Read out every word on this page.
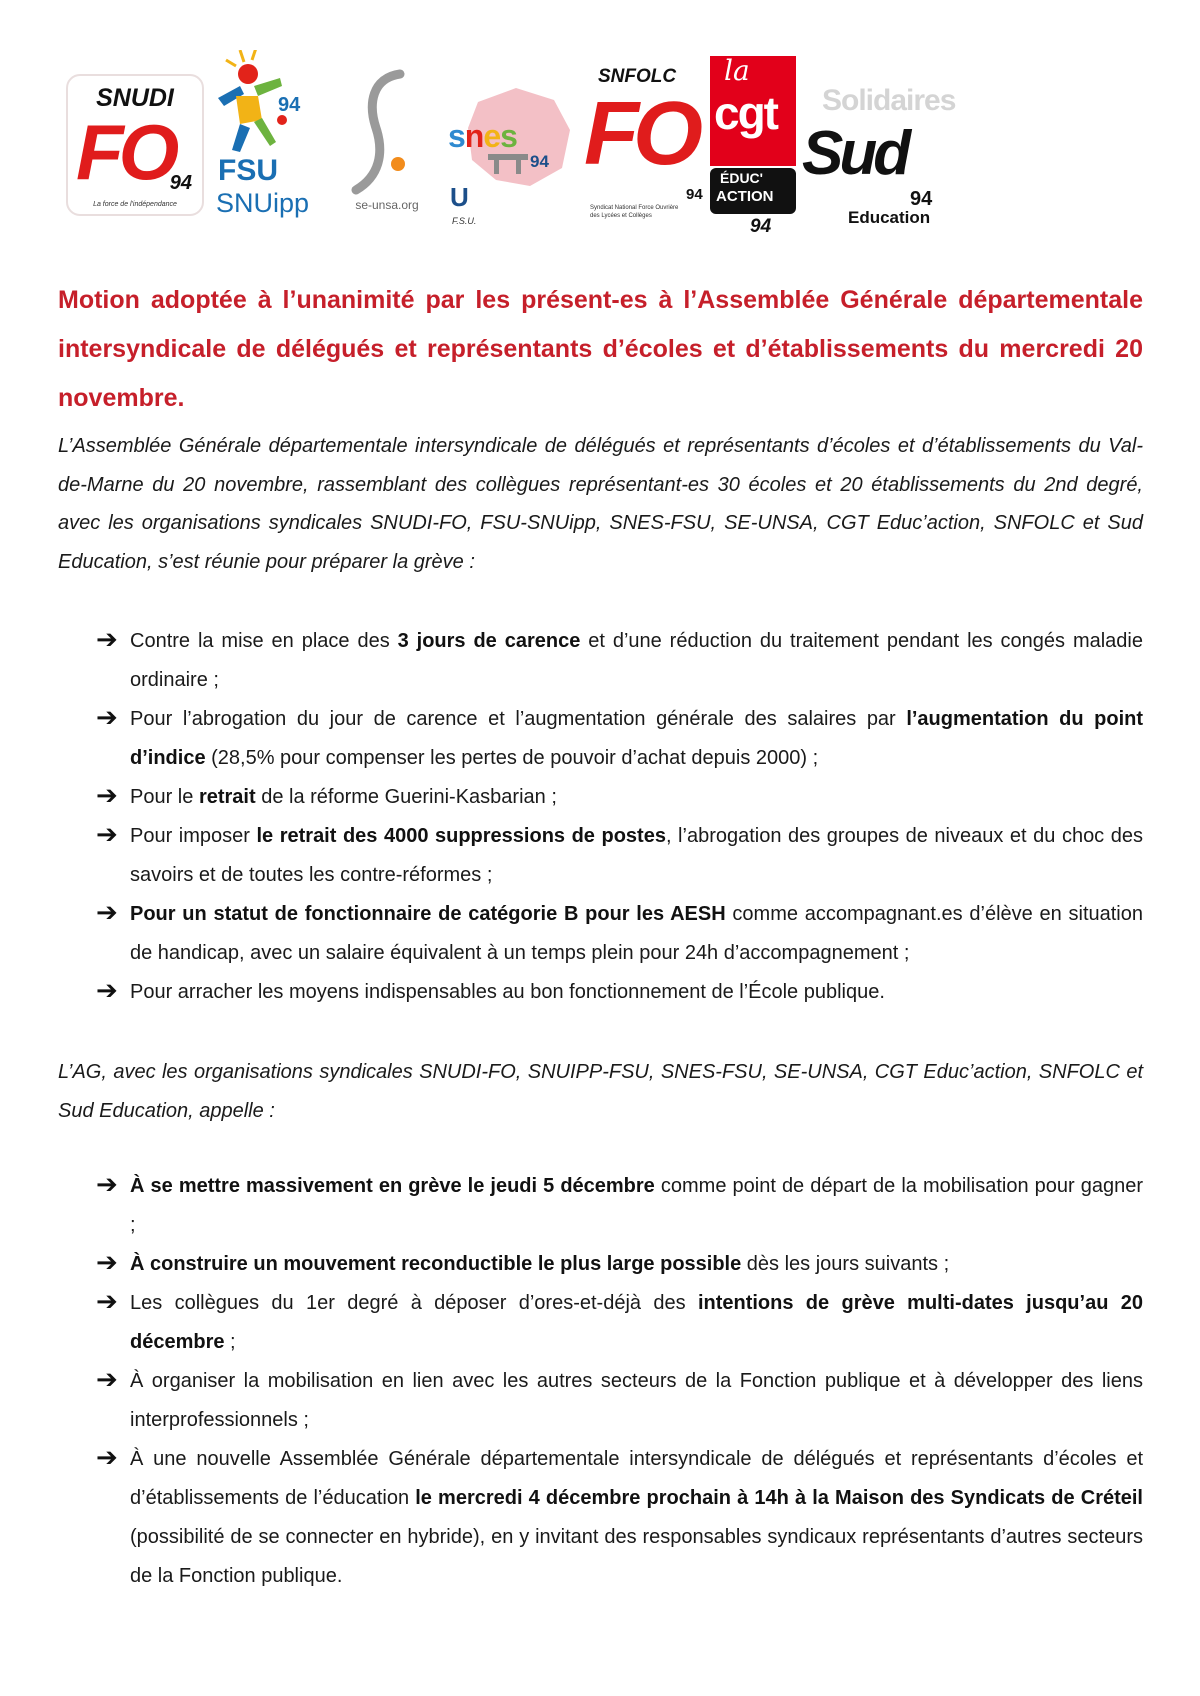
SNUDI
FO
94
La force de l'indépendance
94
FSU
SNUipp	se-unsa.org
snes
94
U
F.S.U.
SNFOLC
FO
94
Syndicat National Force Ouvrière des Lycées et Collèges
la
cgt
ÉDUC'
ACTION
94
Solidaires
Sud
94
Education

Motion adoptée à l’unanimité par les présent-es à l’Assemblée Générale départementale intersyndicale de délégués et représentants d’écoles et d’établissements du mercredi 20 novembre.

L’Assemblée Générale départementale intersyndicale de délégués et représentants d’écoles et d’établissements du Val-de-Marne du 20 novembre, rassemblant des collègues représentant-es 30 écoles et 20 établissements du 2nd degré, avec les organisations syndicales SNUDI-FO, FSU-SNUipp, SNES-FSU, SE-UNSA, CGT Educ’action, SNFOLC et Sud Education, s’est réunie pour préparer la grève :

➔ Contre la mise en place des 3 jours de carence et d’une réduction du traitement pendant les congés maladie ordinaire ;
➔ Pour l’abrogation du jour de carence et l’augmentation générale des salaires par l’augmentation du point d’indice (28,5% pour compenser les pertes de pouvoir d’achat depuis 2000) ;
➔ Pour le retrait de la réforme Guerini-Kasbarian ;
➔ Pour imposer le retrait des 4000 suppressions de postes, l’abrogation des groupes de niveaux et du choc des savoirs et de toutes les contre-réformes ;
➔ Pour un statut de fonctionnaire de catégorie B pour les AESH comme accompagnant.es d’élève en situation de handicap, avec un salaire équivalent à un temps plein pour 24h d’accompagnement ;
➔ Pour arracher les moyens indispensables au bon fonctionnement de l’École publique.

L’AG, avec les organisations syndicales SNUDI-FO, SNUIPP-FSU, SNES-FSU, SE-UNSA, CGT Educ’action, SNFOLC et Sud Education, appelle :

➔ À se mettre massivement en grève le jeudi 5 décembre comme point de départ de la mobilisation pour gagner ;
➔ À construire un mouvement reconductible le plus large possible dès les jours suivants ;
➔ Les collègues du 1er degré à déposer d’ores-et-déjà des intentions de grève multi-dates jusqu’au 20 décembre ;
➔ À organiser la mobilisation en lien avec les autres secteurs de la Fonction publique et à développer des liens interprofessionnels ;
➔ À une nouvelle Assemblée Générale départementale intersyndicale de délégués et représentants d’écoles et d’établissements de l’éducation le mercredi 4 décembre prochain à 14h à la Maison des Syndicats de Créteil (possibilité de se connecter en hybride), en y invitant des responsables syndicaux représentants d’autres secteurs de la Fonction publique.
